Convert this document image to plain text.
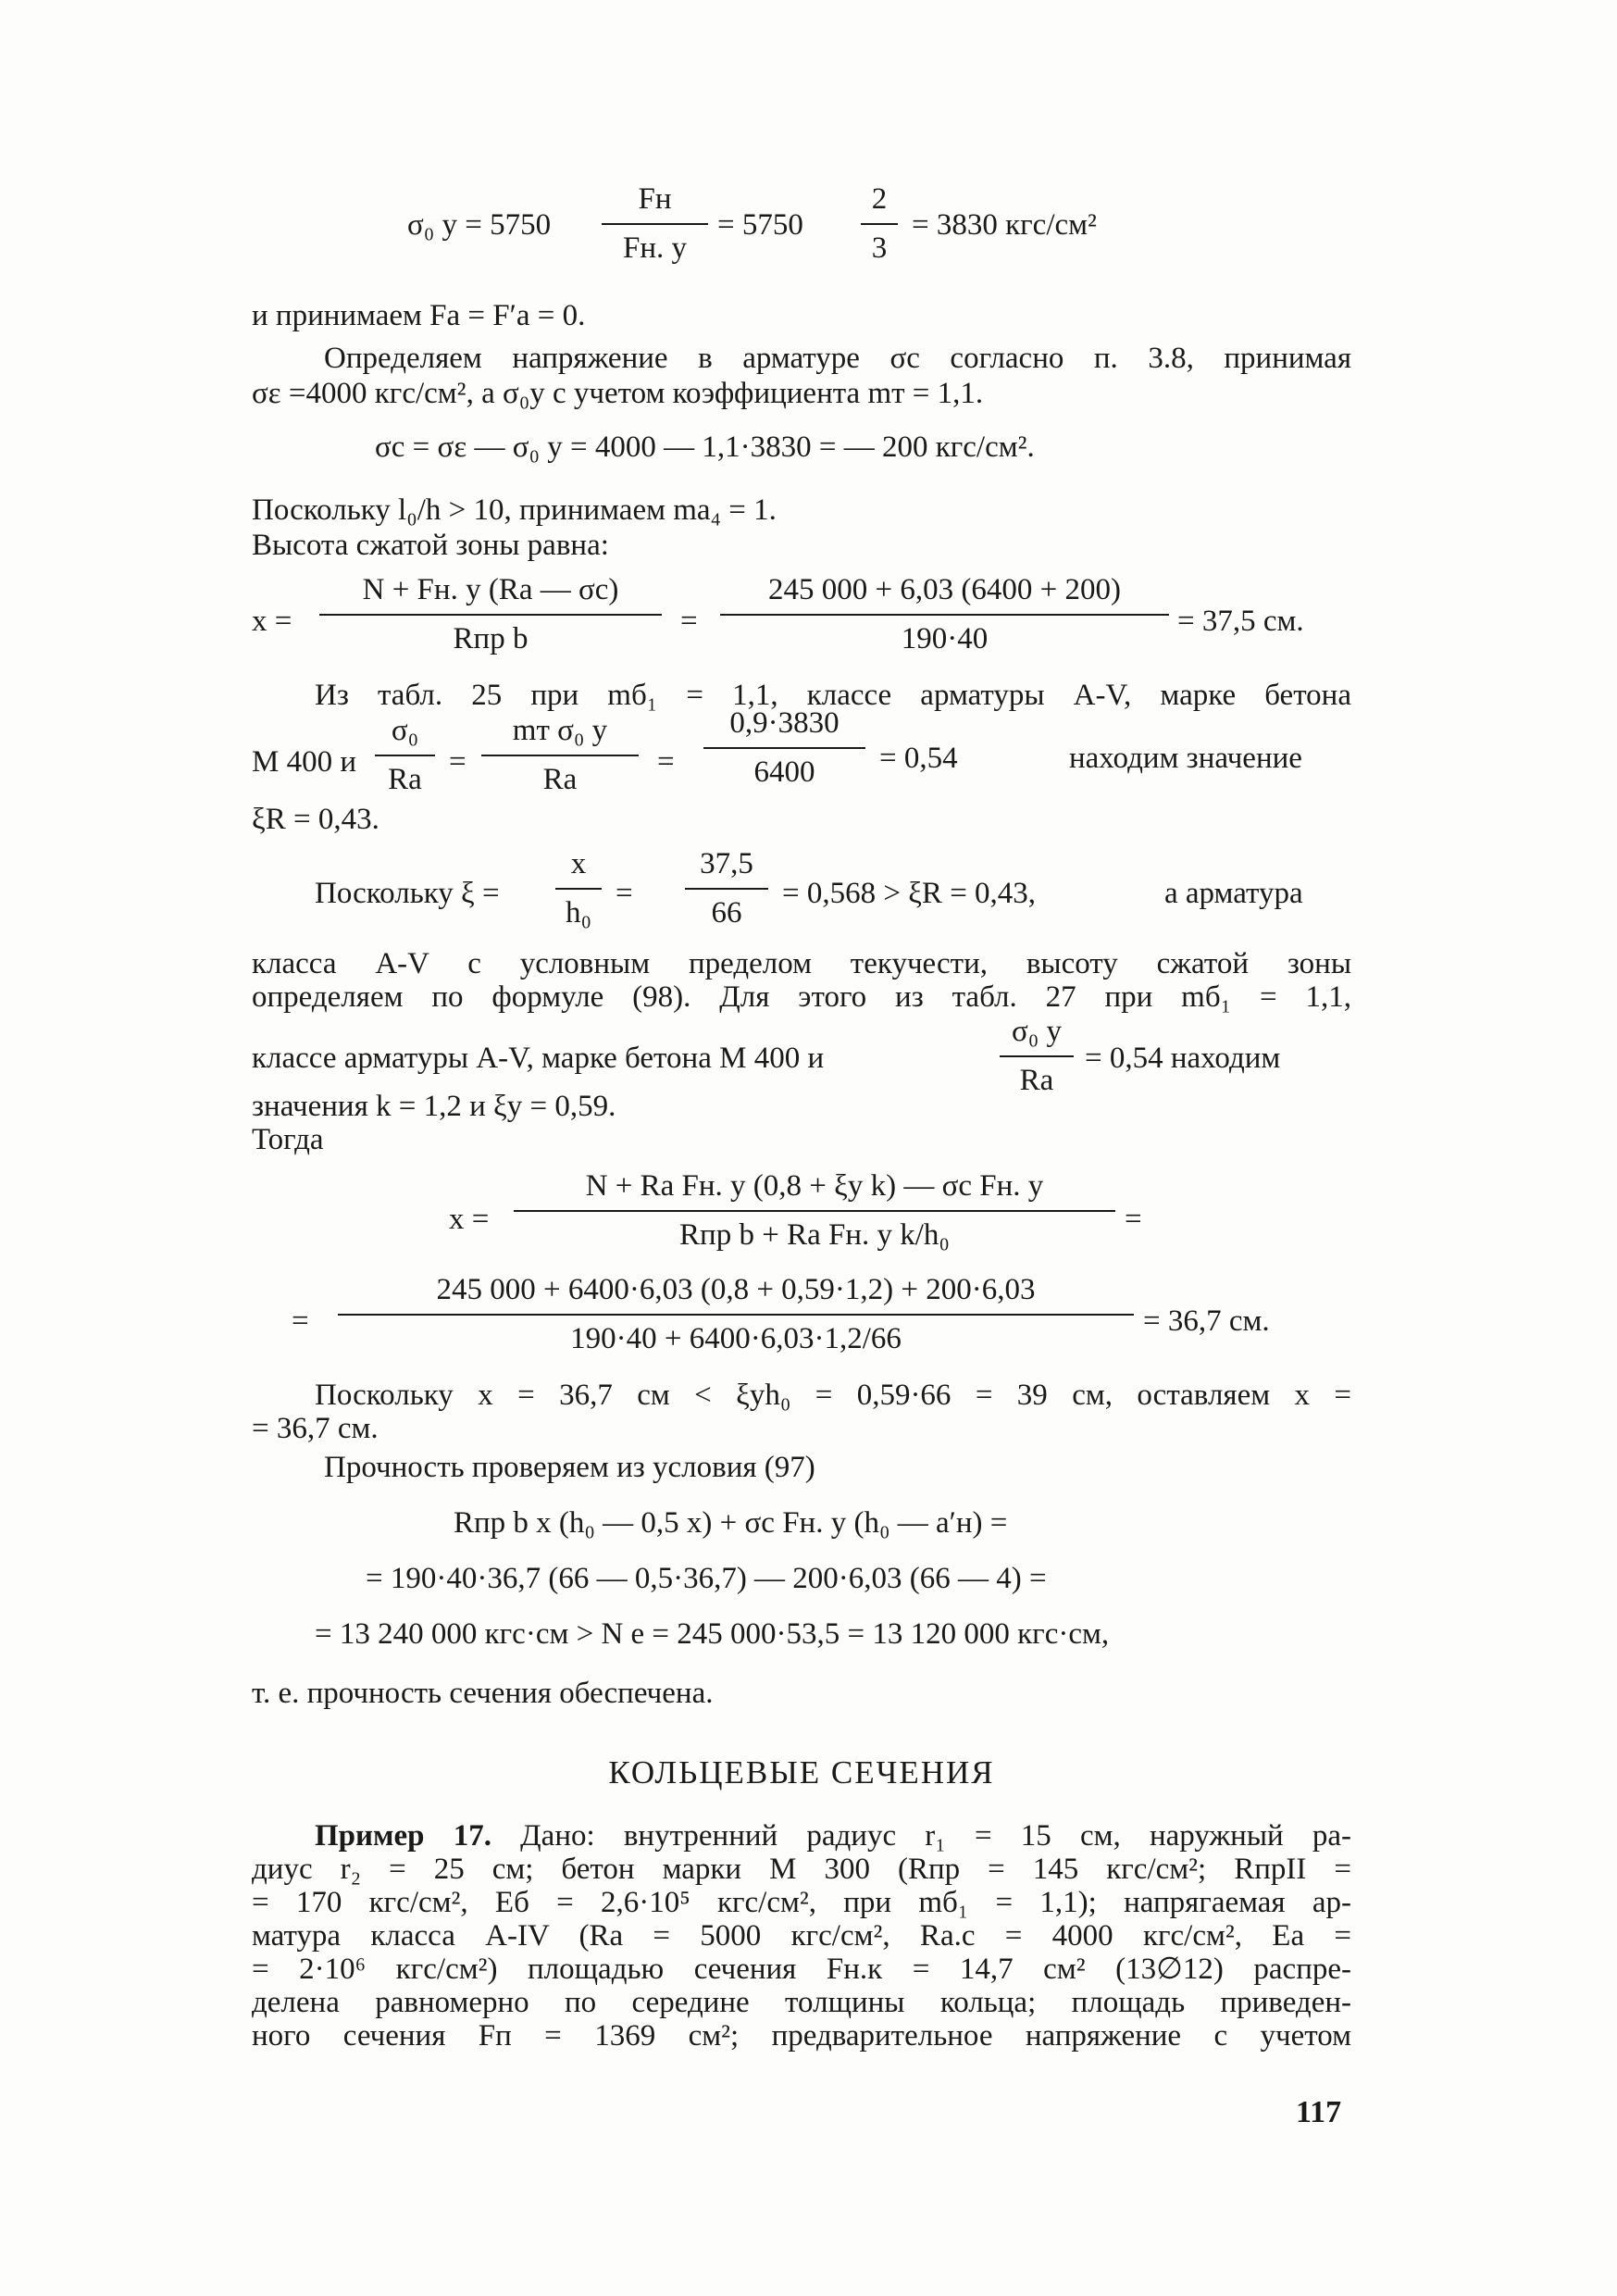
σ₀ у = 5750
Fн
Fн. у
= 5750
2
3
= 3830 кгс/см²
и принимаем Fa = F′a = 0.
Определяем напряжение в арматуре σc согласно п. 3.8, принимая
σε =4000 кгс/см², а σ₀у с учетом коэффициента mт = 1,1.
σc = σε — σ₀ у = 4000 — 1,1·3830 = — 200 кгс/см².
Поскольку l₀/h > 10, принимаем ma₄ = 1.
Высота сжатой зоны равна:
x =
N + Fн. у (Ra — σc)
Rпр b
=
245 000 + 6,03 (6400 + 200)
190·40
= 37,5 см.
Из табл. 25 при mб₁ = 1,1, классе арматуры A-V, марке бетона
М 400 и
σ₀
Ra
=
mт σ₀ у
Ra
=
0,9·3830
6400	= 0,54	находим значение
ξR = 0,43.
Поскольку ξ =
x
h₀
=
37,5
66
= 0,568 > ξR = 0,43,	а арматура
класса A-V с условным пределом текучести, высоту сжатой зоны
определяем по формуле (98). Для этого из табл. 27 при mб₁ = 1,1,
классе арматуры A-V, марке бетона М 400 и
σ₀ у
Ra
= 0,54 находим
значения k = 1,2 и ξу = 0,59.
Тогда
x =
N + Ra Fн. у (0,8 + ξу k) — σc Fн. у
Rпр b + Ra Fн. у k/h₀	=
=
245 000 + 6400·6,03 (0,8 + 0,59·1,2) + 200·6,03
190·40 + 6400·6,03·1,2/66
= 36,7 см.
Поскольку x = 36,7 см < ξуh₀ = 0,59·66 = 39 см, оставляем x =
= 36,7 см.
Прочность проверяем из условия (97)
Rпр b x (h₀ — 0,5 x) + σc Fн. у (h₀ — a′н) =
= 190·40·36,7 (66 — 0,5·36,7) — 200·6,03 (66 — 4) =
= 13 240 000 кгс·см > N e = 245 000·53,5 = 13 120 000 кгс·см,
т. е. прочность сечения обеспечена.
КОЛЬЦЕВЫЕ СЕЧЕНИЯ
Пример 17. Дано: внутренний радиус r₁ = 15 см, наружный ра-
диус r₂ = 25 см; бетон марки М 300 (Rпр = 145 кгс/см²; RпрII =
= 170 кгс/см², Eб = 2,6·10⁵ кгс/см², при mб₁ = 1,1); напрягаемая ар-
матура класса A-IV (Ra = 5000 кгс/см², Ra.c = 4000 кгс/см², Ea =
= 2·10⁶ кгс/см²) площадью сечения Fн.к = 14,7 см² (13∅12) распре-
делена равномерно по середине толщины кольца; площадь приведен-
ного сечения Fп = 1369 см²; предварительное напряжение с учетом
117
